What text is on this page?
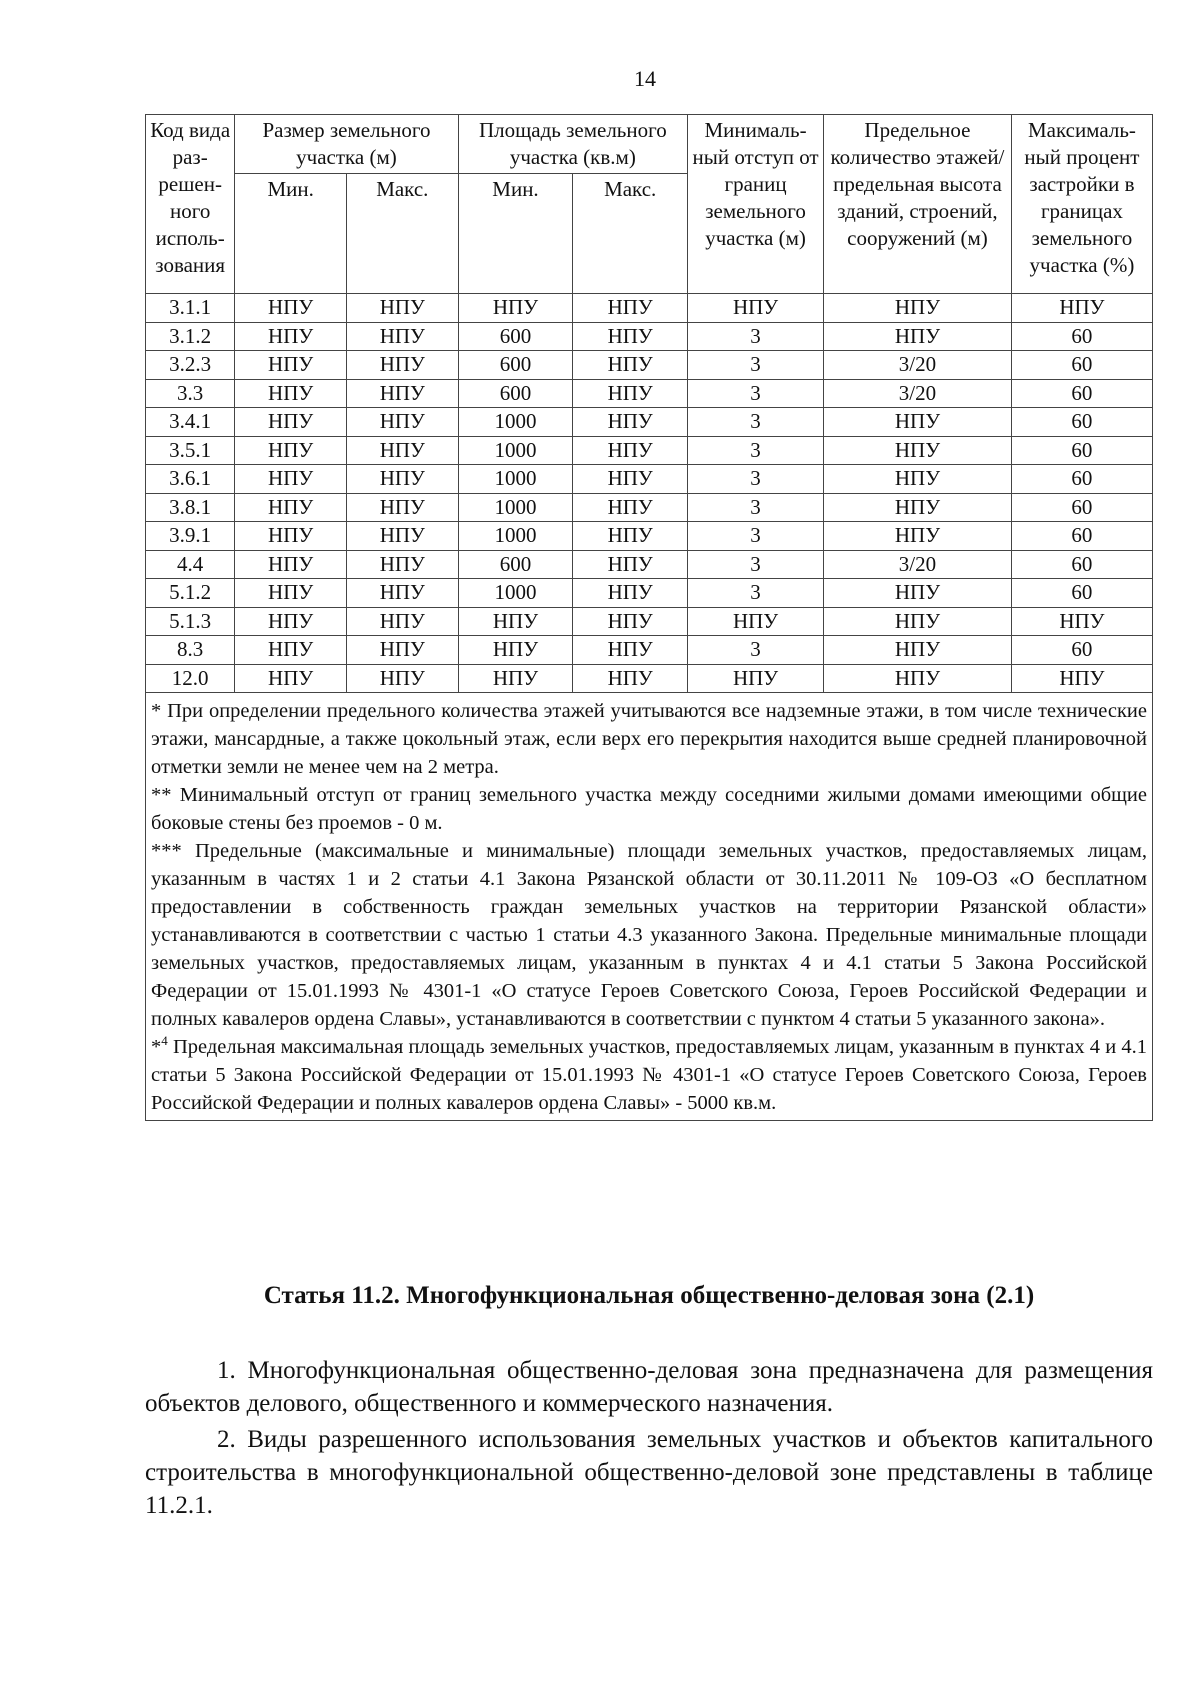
14
Код вида раз-решен-ного исполь-зования	Размер земельного участка (м)		Площадь земельного участка (кв.м)		Минималь-ный отступ от границ земельного участка (м)	Предельное количество этажей/ предельная высота зданий, строений, сооружений (м)	Максималь-ный процент застройки в границах земельного участка (%)
	Мин.	Макс.	Мин.	Макс.			
3.1.1	НПУ	НПУ	НПУ	НПУ	НПУ	НПУ	НПУ
3.1.2	НПУ	НПУ	600	НПУ	3	НПУ	60
3.2.3	НПУ	НПУ	600	НПУ	3	3/20	60
3.3	НПУ	НПУ	600	НПУ	3	3/20	60
3.4.1	НПУ	НПУ	1000	НПУ	3	НПУ	60
3.5.1	НПУ	НПУ	1000	НПУ	3	НПУ	60
3.6.1	НПУ	НПУ	1000	НПУ	3	НПУ	60
3.8.1	НПУ	НПУ	1000	НПУ	3	НПУ	60
3.9.1	НПУ	НПУ	1000	НПУ	3	НПУ	60
4.4	НПУ	НПУ	600	НПУ	3	3/20	60
5.1.2	НПУ	НПУ	1000	НПУ	3	НПУ	60
5.1.3	НПУ	НПУ	НПУ	НПУ	НПУ	НПУ	НПУ
8.3	НПУ	НПУ	НПУ	НПУ	3	НПУ	60
12.0	НПУ	НПУ	НПУ	НПУ	НПУ	НПУ	НПУ

* При определении предельного количества этажей учитываются все надземные этажи, в том числе технические этажи, мансардные, а также цокольный этаж, если верх его перекрытия находится выше средней планировочной отметки земли не менее чем на 2 метра.

** Минимальный отступ от границ земельного участка между соседними жилыми домами имеющими общие боковые стены без проемов - 0 м.

*** Предельные (максимальные и минимальные) площади земельных участков, предоставляемых лицам, указанным в частях 1 и 2 статьи 4.1 Закона Рязанской области от 30.11.2011 № 109-ОЗ «О бесплатном предоставлении в собственность граждан земельных участков на территории Рязанской области» устанавливаются в соответствии с частью 1 статьи 4.3 указанного Закона. Предельные минимальные площади земельных участков, предоставляемых лицам, указанным в пунктах 4 и 4.1 статьи 5 Закона Российской Федерации от 15.01.1993 № 4301-1 «О статусе Героев Советского Союза, Героев Российской Федерации и полных кавалеров ордена Славы», устанавливаются в соответствии с пунктом 4 статьи 5 указанного закона».

*$^4$ Предельная максимальная площадь земельных участков, предоставляемых лицам, указанным в пунктах 4 и 4.1 статьи 5 Закона Российской Федерации от 15.01.1993 № 4301-1 «О статусе Героев Советского Союза, Героев Российской Федерации и полных кавалеров ордена Славы» - 5000 кв.м.							

Статья 11.2. Многофункциональная общественно-деловая зона (2.1)

1. Многофункциональная общественно-деловая зона предназначена для размещения объектов делового, общественного и коммерческого назначения.

2. Виды разрешенного использования земельных участков и объектов капитального строительства в многофункциональной общественно-деловой зоне представлены в таблице 11.2.1.
